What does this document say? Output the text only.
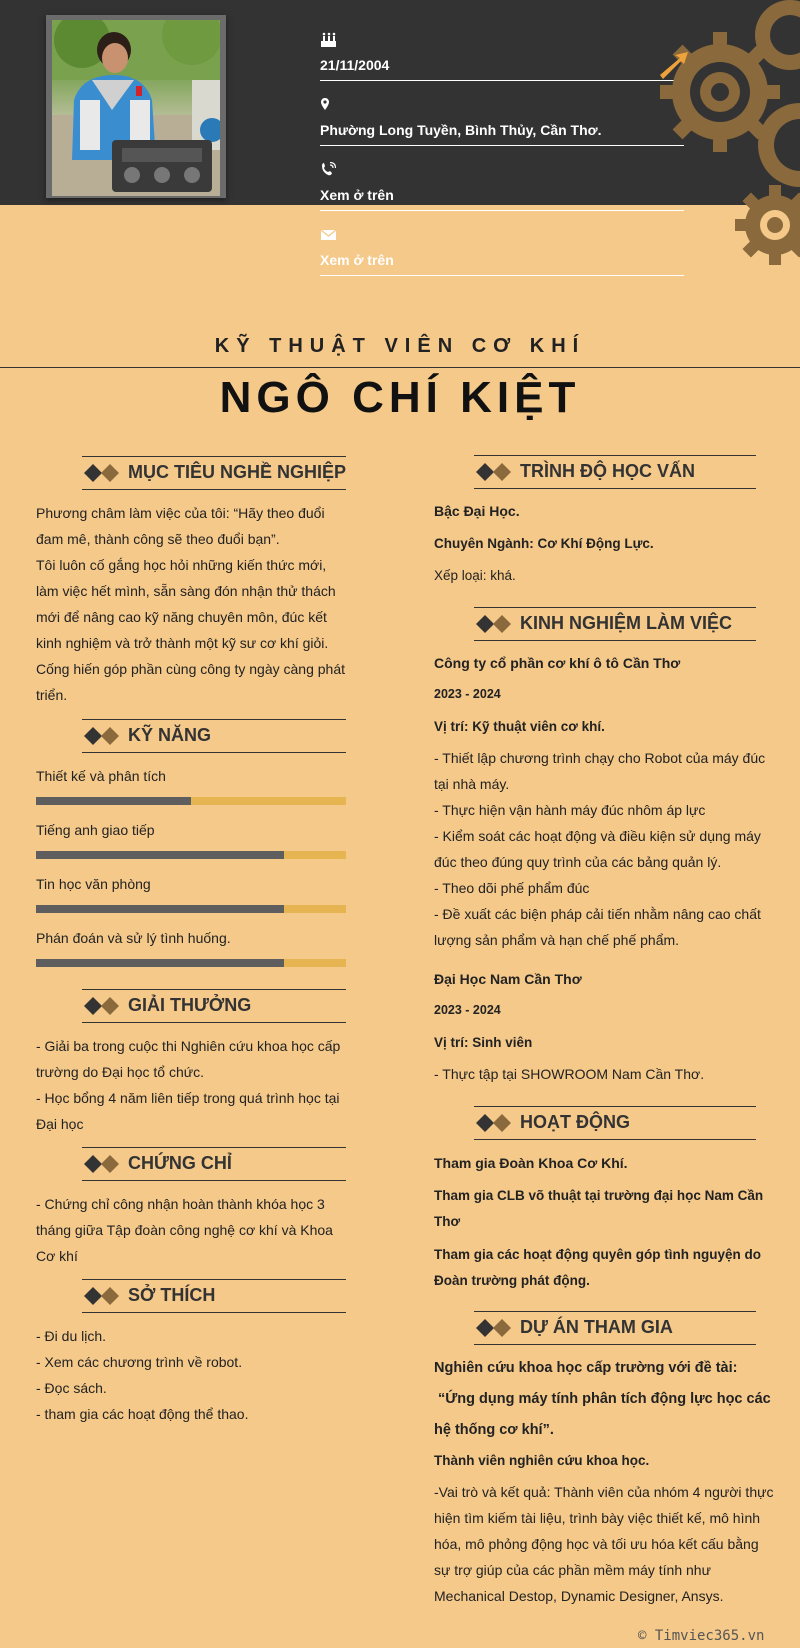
21/11/2004
Phường Long Tuyền, Bình Thủy, Cần Thơ.
Xem ở trên
Xem ở trên
KỸ THUẬT VIÊN CƠ KHÍ
NGÔ CHÍ KIỆT
MỤC TIÊU NGHỀ NGHIỆP
Phương châm làm việc của tôi: “Hãy theo đuổi
đam mê, thành công sẽ theo đuổi bạn”.
Tôi luôn cố gắng học hỏi những kiến thức mới,
làm việc hết mình, sẵn sàng đón nhận thử thách
mới để nâng cao kỹ năng chuyên môn, đúc kết
kinh nghiệm và trở thành một kỹ sư cơ khí giỏi.
Cống hiến góp phần cùng công ty ngày càng phát
triển.
KỸ NĂNG
Thiết kế và phân tích
Tiếng anh giao tiếp
Tin học văn phòng
Phán đoán và sử lý tình huống.
GIẢI THƯỞNG
- Giải ba trong cuộc thi Nghiên cứu khoa học cấp
trường do Đại học tổ chức.
- Học bổng 4 năm liên tiếp trong quá trình học tại
Đại học
CHỨNG CHỈ
- Chứng chỉ công nhận hoàn thành khóa học 3
tháng giữa Tập đoàn công nghệ cơ khí và Khoa
Cơ khí
SỞ THÍCH
- Đi du lịch.
- Xem các chương trình về robot.
- Đọc sách.
- tham gia các hoạt động thể thao.
TRÌNH ĐỘ HỌC VẤN
Bậc Đại Học.
Chuyên Ngành: Cơ Khí Động Lực.
Xếp loại: khá.
KINH NGHIỆM LÀM VIỆC
Công ty cổ phần cơ khí ô tô Cần Thơ
2023 - 2024
Vị trí: Kỹ thuật viên cơ khí.
- Thiết lập chương trình chạy cho Robot của máy đúc
tại nhà máy.
- Thực hiện vận hành máy đúc nhôm áp lực
- Kiểm soát các hoạt động và điều kiện sử dụng máy
đúc theo đúng quy trình của các bảng quản lý.
- Theo dõi phế phẩm đúc
- Đề xuất các biện pháp cải tiến nhằm nâng cao chất
lượng sản phẩm và hạn chế phế phẩm.
Đại Học Nam Cần Thơ
2023 - 2024
Vị trí: Sinh viên
- Thực tập tại SHOWROOM Nam Cần Thơ.
HOẠT ĐỘNG
Tham gia Đoàn Khoa Cơ Khí.
Tham gia CLB võ thuật tại trường đại học Nam Cần
Thơ
Tham gia các hoạt động quyên góp tình nguyện do
Đoàn trường phát động.
DỰ ÁN THAM GIA
Nghiên cứu khoa học cấp trường với đề tài:
“Ứng dụng máy tính phân tích động lực học các
hệ thống cơ khí”.
Thành viên nghiên cứu khoa học.
-Vai trò và kết quả: Thành viên của nhóm 4 người thực
hiện tìm kiếm tài liệu, trình bày việc thiết kế, mô hình
hóa, mô phỏng động học và tối ưu hóa kết cấu bằng
sự trợ giúp của các phần mềm máy tính như
Mechanical Destop, Dynamic Designer, Ansys.
© Timviec365.vn
